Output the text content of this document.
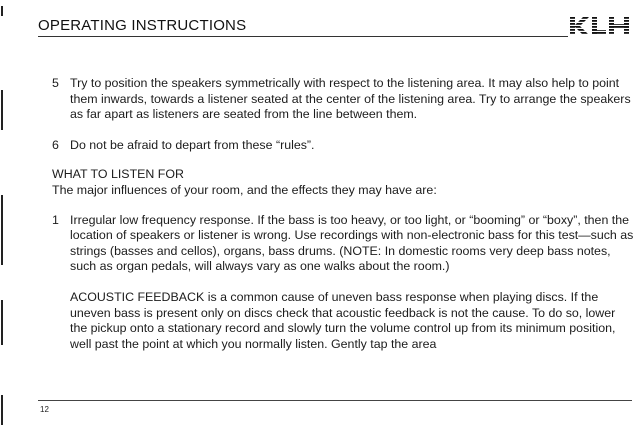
OPERATING INSTRUCTIONS
KLH
5 Try to position the speakers symmetrically with respect to the listening area. It may also help to point them inwards, towards a listener seated at the center of the listening area. Try to arrange the speakers as far apart as listeners are seated from the line between them.
6 Do not be afraid to depart from these “rules”.
WHAT TO LISTEN FOR
The major influences of your room, and the effects they may have are:
1 Irregular low frequency response. If the bass is too heavy, or too light, or “booming” or “boxy”, then the location of speakers or listener is wrong. Use recordings with non-electronic bass for this test—such as strings (basses and cellos), organs, bass drums. (NOTE: In domestic rooms very deep bass notes, such as organ pedals, will always vary as one walks about the room.)
ACOUSTIC FEEDBACK is a common cause of uneven bass response when playing discs. If the uneven bass is present only on discs check that acoustic feedback is not the cause. To do so, lower the pickup onto a stationary record and slowly turn the volume control up from its minimum position, well past the point at which you normally listen. Gently tap the area
12
